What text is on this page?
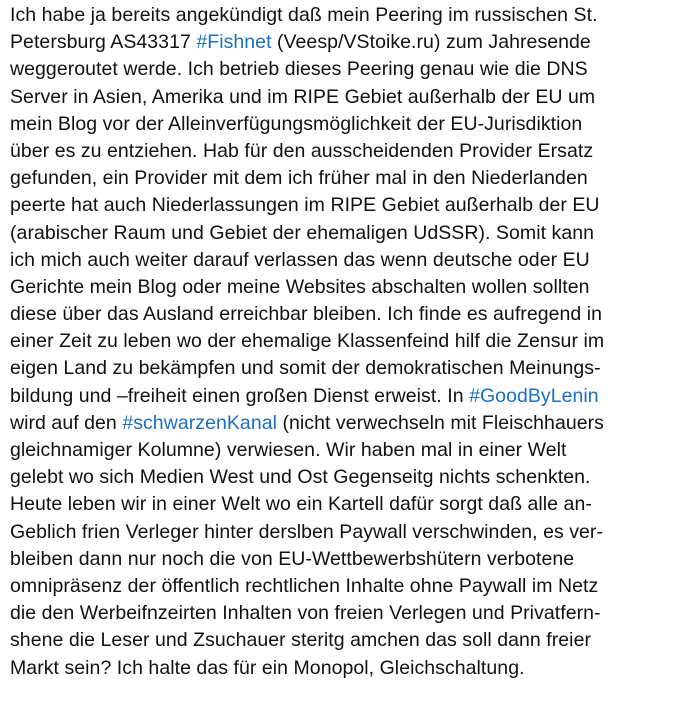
Ich habe ja bereits angekündigt daß mein Peering im russischen St.
Petersburg AS43317 #Fishnet (Veesp/VStoike.ru) zum Jahresende
weggeroutet werde. Ich betrieb dieses Peering genau wie die DNS
Server in Asien, Amerika und im RIPE Gebiet außerhalb der EU um
mein Blog vor der Alleinverfügungsmöglichkeit der EU-Jurisdiktion
über es zu entziehen. Hab für den ausscheidenden Provider Ersatz
gefunden, ein Provider mit dem ich früher mal in den Niederlanden
peerte hat auch Niederlassungen im RIPE Gebiet außerhalb der EU
(arabischer Raum und Gebiet der ehemaligen UdSSR). Somit kann
ich mich auch weiter darauf verlassen das wenn deutsche oder EU
Gerichte mein Blog oder meine Websites abschalten wollen sollten
diese über das Ausland erreichbar bleiben. Ich finde es aufregend in
einer Zeit zu leben wo der ehemalige Klassenfeind hilf die Zensur im
eigen Land zu bekämpfen und somit der demokratischen Meinungs-
bildung und –freiheit einen großen Dienst erweist. In #GoodByLenin
wird auf den #schwarzenKanal (nicht verwechseln mit Fleischhauers
gleichnamiger Kolumne) verwiesen. Wir haben mal in einer Welt
gelebt wo sich Medien West und Ost Gegenseitg nichts schenkten.
Heute leben wir in einer Welt wo ein Kartell dafür sorgt daß alle an-
Geblich frien Verleger hinter derslben Paywall verschwinden, es ver-
bleiben dann nur noch die von EU-Wettbewerbshütern verbotene
omnipräsenz der öffentlich rechtlichen Inhalte ohne Paywall im Netz
die den Werbeifnzeirten Inhalten von freien Verlegen und Privatfern-
shene die Leser und Zsuchauer steritg amchen das soll dann freier
Markt sein? Ich halte das für ein Monopol, Gleichschaltung.
